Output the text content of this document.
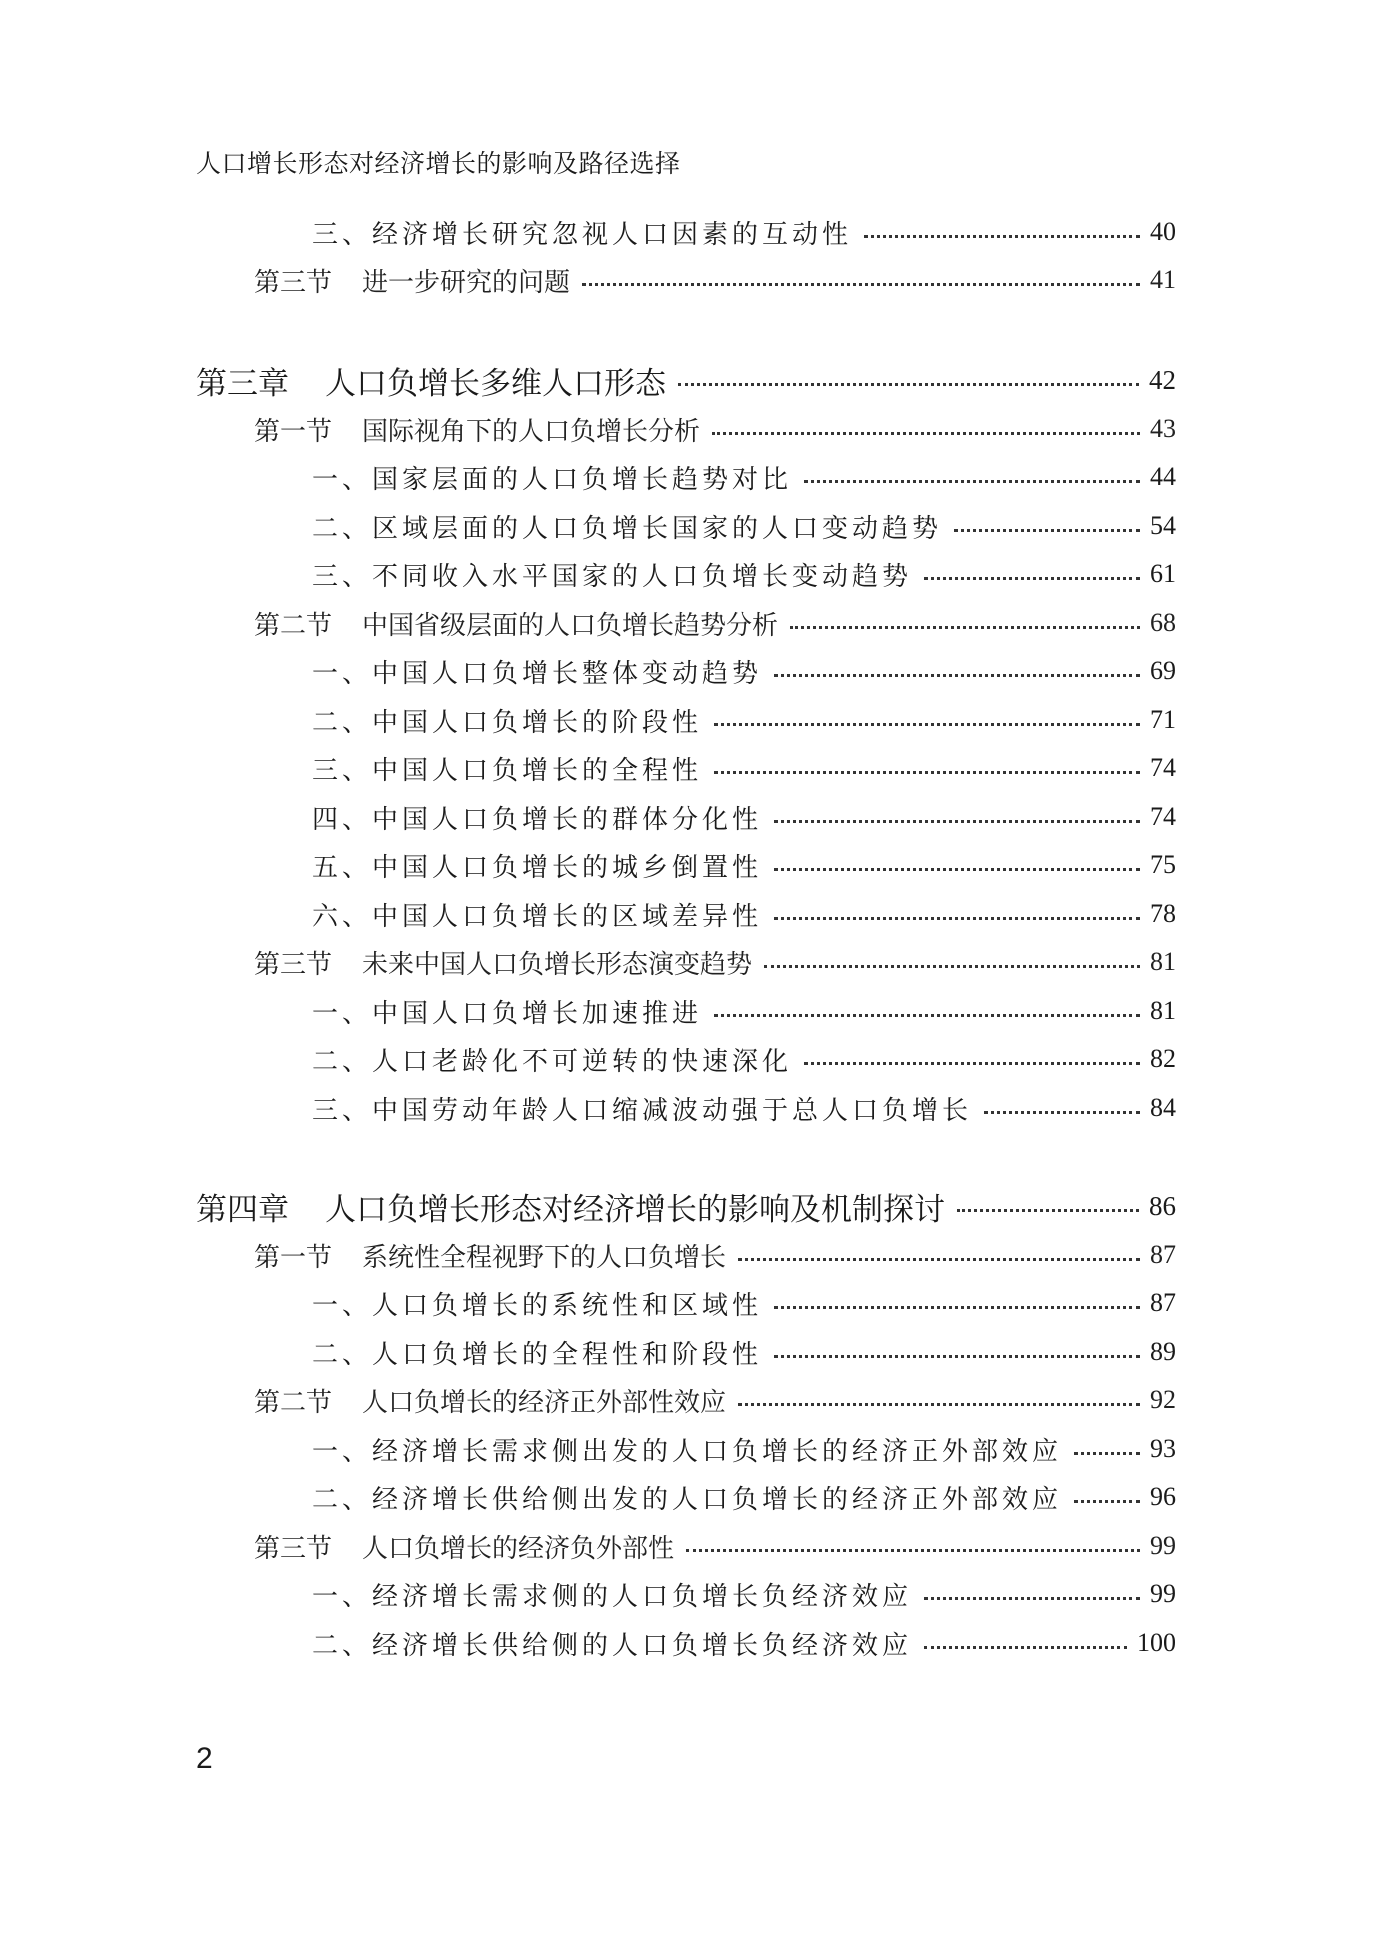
人口增长形态对经济增长的影响及路径选择
三、经济增长研究忽视人口因素的互动性	40
第三节 进一步研究的问题	41
第三章 人口负增长多维人口形态	42
第一节 国际视角下的人口负增长分析	43
一、国家层面的人口负增长趋势对比	44
二、区域层面的人口负增长国家的人口变动趋势	54
三、不同收入水平国家的人口负增长变动趋势	61
第二节 中国省级层面的人口负增长趋势分析	68
一、中国人口负增长整体变动趋势	69
二、中国人口负增长的阶段性	71
三、中国人口负增长的全程性	74
四、中国人口负增长的群体分化性	74
五、中国人口负增长的城乡倒置性	75
六、中国人口负增长的区域差异性	78
第三节 未来中国人口负增长形态演变趋势	81
一、中国人口负增长加速推进	81
二、人口老龄化不可逆转的快速深化	82
三、中国劳动年龄人口缩减波动强于总人口负增长	84
第四章 人口负增长形态对经济增长的影响及机制探讨	86
第一节 系统性全程视野下的人口负增长	87
一、人口负增长的系统性和区域性	87
二、人口负增长的全程性和阶段性	89
第二节 人口负增长的经济正外部性效应	92
一、经济增长需求侧出发的人口负增长的经济正外部效应	93
二、经济增长供给侧出发的人口负增长的经济正外部效应	96
第三节 人口负增长的经济负外部性	99
一、经济增长需求侧的人口负增长负经济效应	99
二、经济增长供给侧的人口负增长负经济效应	100
2
